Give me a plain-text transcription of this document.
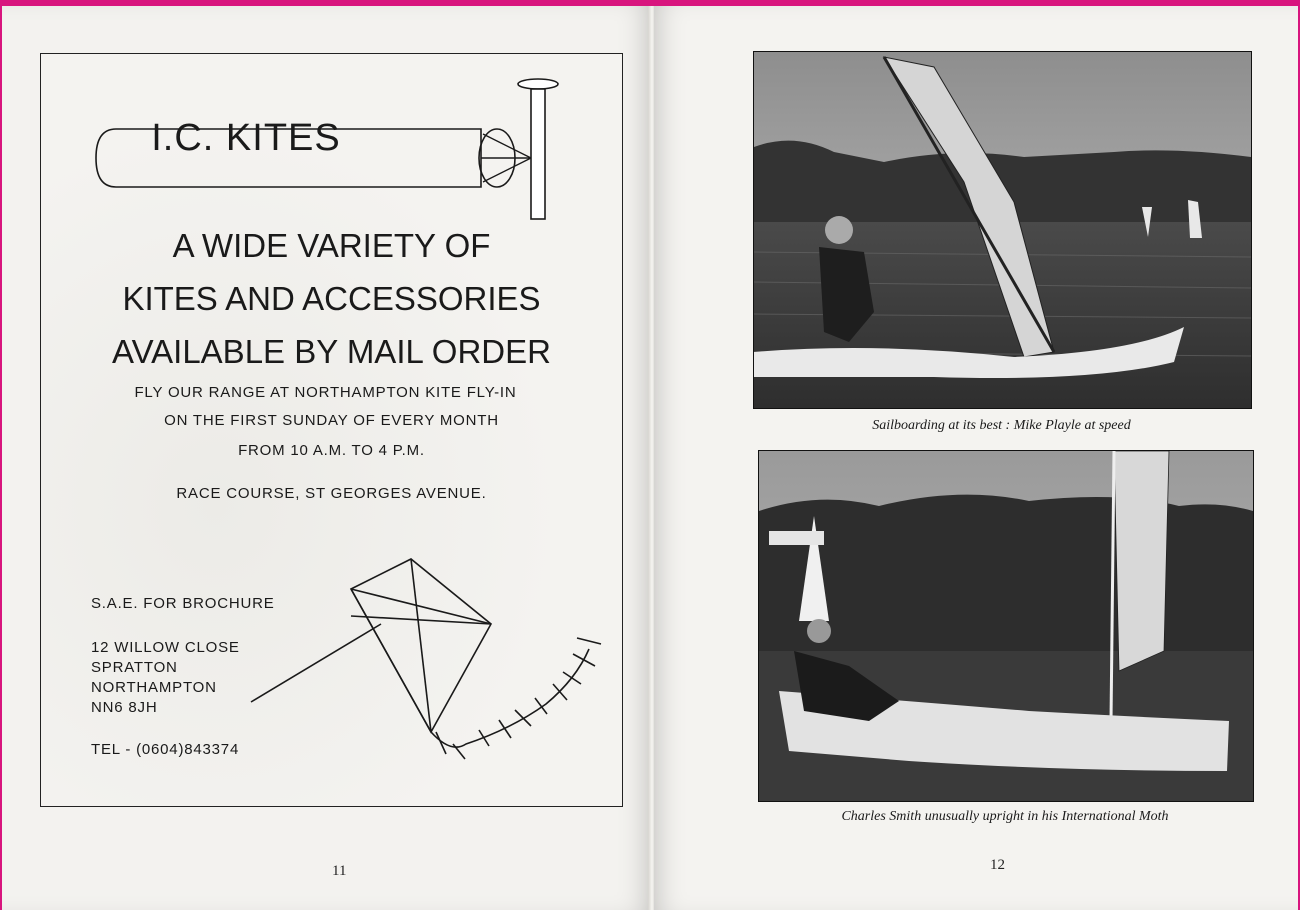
I.C. KITES
A WIDE VARIETY OF
KITES AND ACCESSORIES
AVAILABLE BY MAIL ORDER
FLY OUR RANGE AT NORTHAMPTON KITE FLY-IN
ON THE FIRST SUNDAY OF EVERY MONTH
FROM 10 A.M. TO 4 P.M.
RACE COURSE, ST GEORGES AVENUE.
S.A.E. FOR BROCHURE
12 WILLOW CLOSE
SPRATTON
NORTHAMPTON
NN6 8JH
TEL - (0604)843374
11
Sailboarding at its best : Mike Playle at speed
Charles Smith unusually upright in his International Moth
12
